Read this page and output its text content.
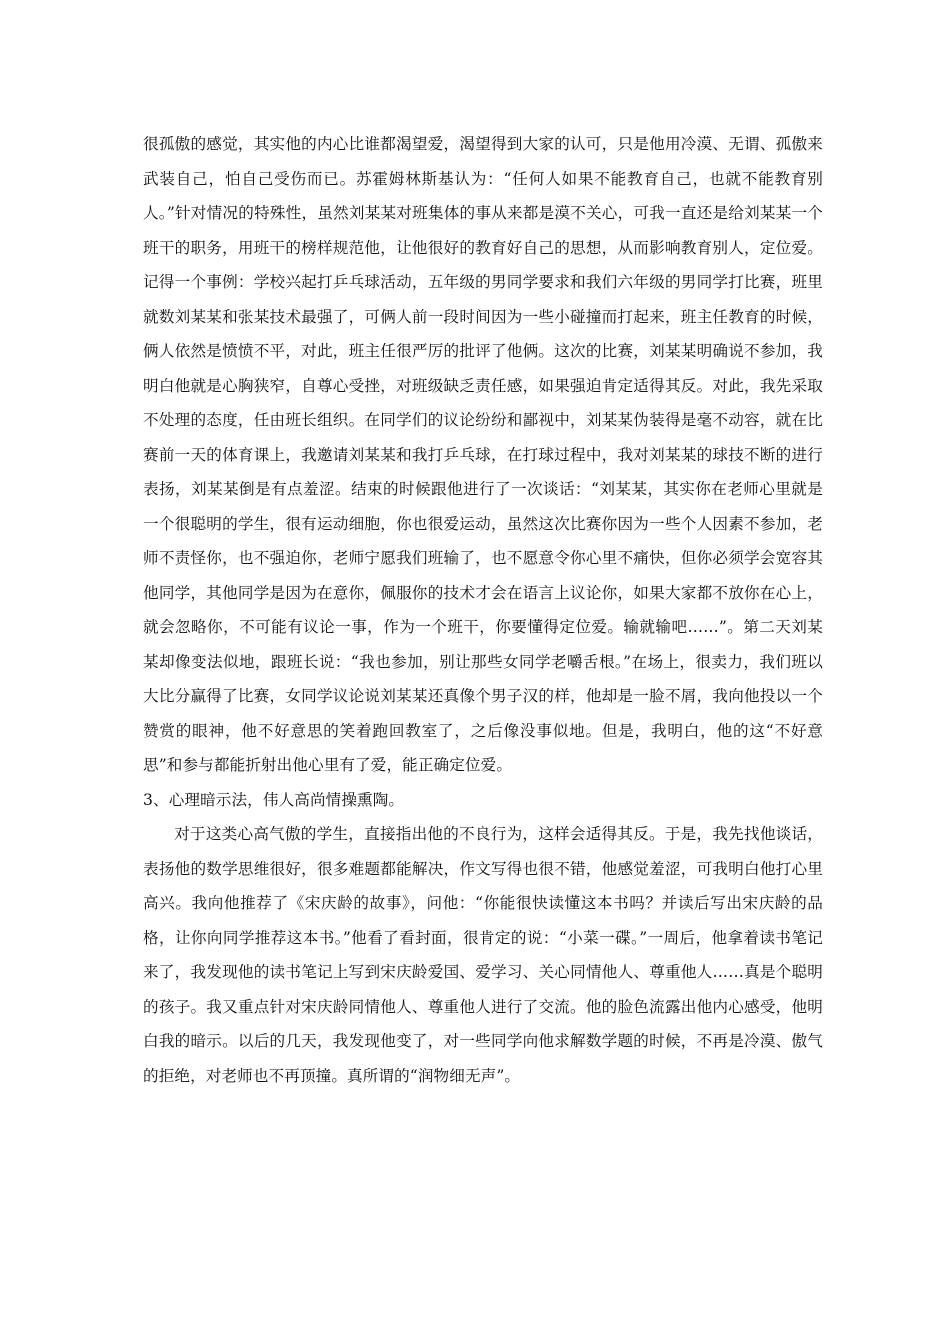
很孤傲的感觉，其实他的内心比谁都渴望爱，渴望得到大家的认可，只是他用冷漠、无谓、孤傲来武装自己，怕自己受伤而已。苏霍姆林斯基认为：“任何人如果不能教育自己，也就不能教育别人。”针对情况的特殊性，虽然刘某某对班集体的事从来都是漠不关心，可我一直还是给刘某某一个班干的职务，用班干的榜样规范他，让他很好的教育好自己的思想，从而影响教育别人，定位爱。记得一个事例：学校兴起打乒乓球活动，五年级的男同学要求和我们六年级的男同学打比赛，班里就数刘某某和张某技术最强了，可俩人前一段时间因为一些小碰撞而打起来，班主任教育的时候，俩人依然是愤愤不平，对此，班主任很严厉的批评了他俩。这次的比赛，刘某某明确说不参加，我明白他就是心胸狭窄，自尊心受挫，对班级缺乏责任感，如果强迫肯定适得其反。对此，我先采取不处理的态度，任由班长组织。在同学们的议论纷纷和鄙视中，刘某某伪装得是毫不动容，就在比赛前一天的体育课上，我邀请刘某某和我打乒乓球，在打球过程中，我对刘某某的球技不断的进行表扬，刘某某倒是有点羞涩。结束的时候跟他进行了一次谈话：“刘某某，其实你在老师心里就是一个很聪明的学生，很有运动细胞，你也很爱运动，虽然这次比赛你因为一些个人因素不参加，老师不责怪你，也不强迫你，老师宁愿我们班输了，也不愿意令你心里不痛快，但你必须学会宽容其他同学，其他同学是因为在意你，佩服你的技术才会在语言上议论你，如果大家都不放你在心上，就会忽略你，不可能有议论一事，作为一个班干，你要懂得定位爱。输就输吧……”。第二天刘某某却像变法似地，跟班长说：“我也参加，别让那些女同学老嚼舌根。”在场上，很卖力，我们班以大比分赢得了比赛，女同学议论说刘某某还真像个男子汉的样，他却是一脸不屑，我向他投以一个赞赏的眼神，他不好意思的笑着跑回教室了，之后像没事似地。但是，我明白，他的这“不好意思”和参与都能折射出他心里有了爱，能正确定位爱。

3、心理暗示法，伟人高尚情操熏陶。

对于这类心高气傲的学生，直接指出他的不良行为，这样会适得其反。于是，我先找他谈话，表扬他的数学思维很好，很多难题都能解决，作文写得也很不错，他感觉羞涩，可我明白他打心里高兴。我向他推荐了《宋庆龄的故事》，问他：“你能很快读懂这本书吗？并读后写出宋庆龄的品格，让你向同学推荐这本书。”他看了看封面，很肯定的说：“小菜一碟。”一周后，他拿着读书笔记来了，我发现他的读书笔记上写到宋庆龄爱国、爱学习、关心同情他人、尊重他人……真是个聪明的孩子。我又重点针对宋庆龄同情他人、尊重他人进行了交流。他的脸色流露出他内心感受，他明白我的暗示。以后的几天，我发现他变了，对一些同学向他求解数学题的时候，不再是冷漠、傲气的拒绝，对老师也不再顶撞。真所谓的“润物细无声”。
